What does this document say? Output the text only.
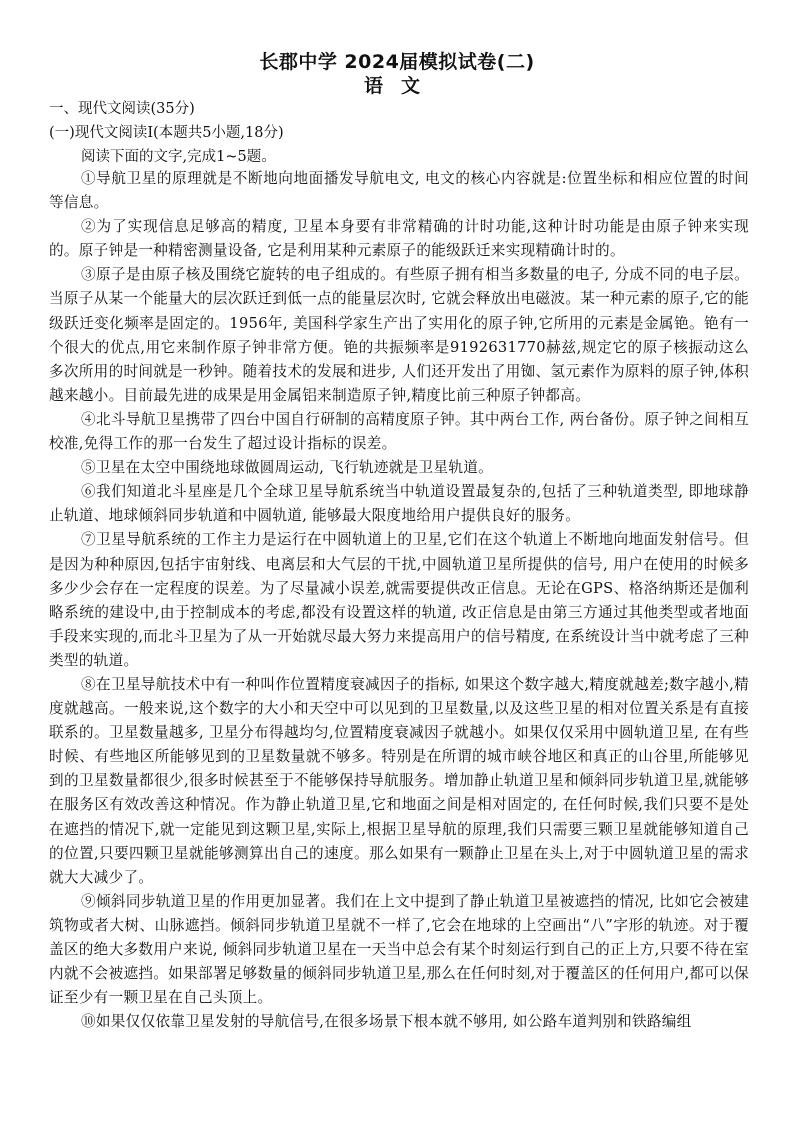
长郡中学 2024届模拟试卷(二)
语文
一、现代文阅读(35分)
(一)现代文阅读Ⅰ(本题共5小题,18分)
阅读下面的文字,完成1~5题。

①导航卫星的原理就是不断地向地面播发导航电文, 电文的核心内容就是:位置坐标和相应位置的时间等信息。

②为了实现信息足够高的精度, 卫星本身要有非常精确的计时功能,这种计时功能是由原子钟来实现的。原子钟是一种精密测量设备, 它是利用某种元素原子的能级跃迁来实现精确计时的。

③原子是由原子核及围绕它旋转的电子组成的。有些原子拥有相当多数量的电子, 分成不同的电子层。当原子从某一个能量大的层次跃迁到低一点的能量层次时, 它就会释放出电磁波。某一种元素的原子,它的能级跃迁变化频率是固定的。1956年, 美国科学家生产出了实用化的原子钟,它所用的元素是金属铯。铯有一个很大的优点,用它来制作原子钟非常方便。铯的共振频率是9192631770赫兹,规定它的原子核振动这么多次所用的时间就是一秒钟。随着技术的发展和进步, 人们还开发出了用铷、氢元素作为原料的原子钟,体积越来越小。目前最先进的成果是用金属铝来制造原子钟,精度比前三种原子钟都高。

④北斗导航卫星携带了四台中国自行研制的高精度原子钟。其中两台工作, 两台备份。原子钟之间相互校准,免得工作的那一台发生了超过设计指标的误差。

⑤卫星在太空中围绕地球做圆周运动, 飞行轨迹就是卫星轨道。

⑥我们知道北斗星座是几个全球卫星导航系统当中轨道设置最复杂的,包括了三种轨道类型, 即地球静止轨道、地球倾斜同步轨道和中圆轨道, 能够最大限度地给用户提供良好的服务。

⑦卫星导航系统的工作主力是运行在中圆轨道上的卫星,它们在这个轨道上不断地向地面发射信号。但是因为种种原因,包括宇宙射线、电离层和大气层的干扰,中圆轨道卫星所提供的信号, 用户在使用的时候多多少少会存在一定程度的误差。为了尽量减小误差,就需要提供改正信息。无论在GPS、格洛纳斯还是伽利略系统的建设中,由于控制成本的考虑,都没有设置这样的轨道, 改正信息是由第三方通过其他类型或者地面手段来实现的,而北斗卫星为了从一开始就尽最大努力来提高用户的信号精度, 在系统设计当中就考虑了三种类型的轨道。

⑧在卫星导航技术中有一种叫作位置精度衰减因子的指标, 如果这个数字越大,精度就越差;数字越小,精度就越高。一般来说,这个数字的大小和天空中可以见到的卫星数量,以及这些卫星的相对位置关系是有直接联系的。卫星数量越多, 卫星分布得越均匀,位置精度衰减因子就越小。如果仅仅采用中圆轨道卫星, 在有些时候、有些地区所能够见到的卫星数量就不够多。特别是在所谓的城市峡谷地区和真正的山谷里,所能够见到的卫星数量都很少,很多时候甚至于不能够保持导航服务。增加静止轨道卫星和倾斜同步轨道卫星,就能够在服务区有效改善这种情况。作为静止轨道卫星,它和地面之间是相对固定的, 在任何时候,我们只要不是处在遮挡的情况下,就一定能见到这颗卫星,实际上,根据卫星导航的原理,我们只需要三颗卫星就能够知道自己的位置,只要四颗卫星就能够测算出自己的速度。那么如果有一颗静止卫星在头上,对于中圆轨道卫星的需求就大大减少了。

⑨倾斜同步轨道卫星的作用更加显著。我们在上文中提到了静止轨道卫星被遮挡的情况, 比如它会被建筑物或者大树、山脉遮挡。倾斜同步轨道卫星就不一样了,它会在地球的上空画出“八”字形的轨迹。对于覆盖区的绝大多数用户来说, 倾斜同步轨道卫星在一天当中总会有某个时刻运行到自己的正上方,只要不待在室内就不会被遮挡。如果部署足够数量的倾斜同步轨道卫星,那么在任何时刻,对于覆盖区的任何用户,都可以保证至少有一颗卫星在自己头顶上。

⑩如果仅仅依靠卫星发射的导航信号,在很多场景下根本就不够用, 如公路车道判别和铁路编组
